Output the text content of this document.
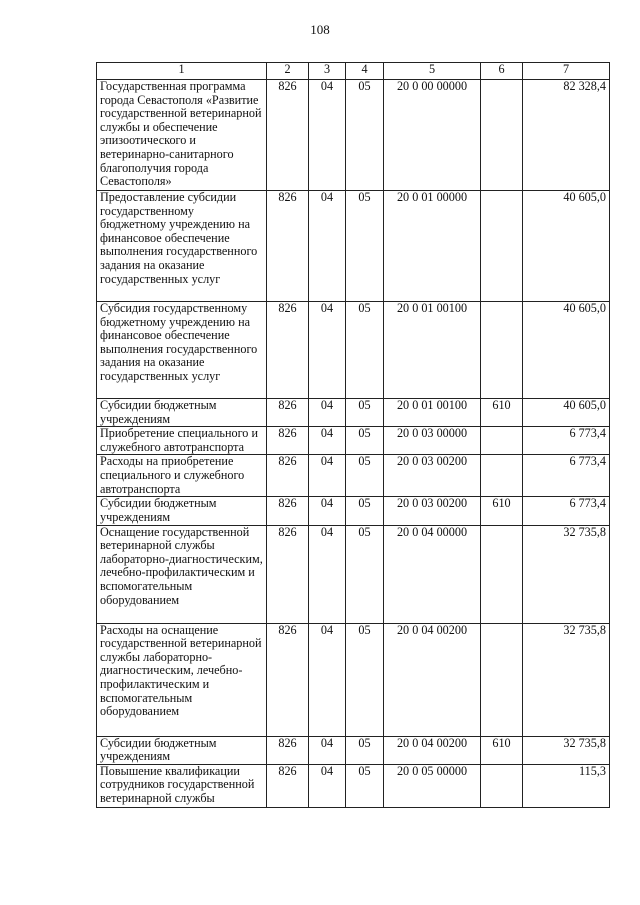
108
1	2	3	4	5	6	7
Государственная программа города Севастополя «Развитие государственной ветеринарной службы и обеспечение эпизоотического и ветеринарно-санитарного благополучия города Севастополя»	826	04	05	20 0 00 00000		82 328,4
Предоставление субсидии государственному бюджетному учреждению на финансовое обеспечение выполнения государственного задания на оказание государственных услуг	826	04	05	20 0 01 00000		40 605,0
Субсидия государственному бюджетному учреждению на финансовое обеспечение выполнения государственного задания на оказание государственных услуг	826	04	05	20 0 01 00100		40 605,0
Субсидии бюджетным учреждениям	826	04	05	20 0 01 00100	610	40 605,0
Приобретение специального и служебного автотранспорта	826	04	05	20 0 03 00000		6 773,4
Расходы на приобретение специального и служебного автотранспорта	826	04	05	20 0 03 00200		6 773,4
Субсидии бюджетным учреждениям	826	04	05	20 0 03 00200	610	6 773,4
Оснащение государственной ветеринарной службы лабораторно-диагностическим, лечебно-профилактическим и вспомогательным оборудованием	826	04	05	20 0 04 00000		32 735,8
Расходы на оснащение государственной ветеринарной службы лабораторно-диагностическим, лечебно-профилактическим и вспомогательным оборудованием	826	04	05	20 0 04 00200		32 735,8
Субсидии бюджетным учреждениям	826	04	05	20 0 04 00200	610	32 735,8
Повышение квалификации сотрудников государственной ветеринарной службы	826	04	05	20 0 05 00000		115,3
